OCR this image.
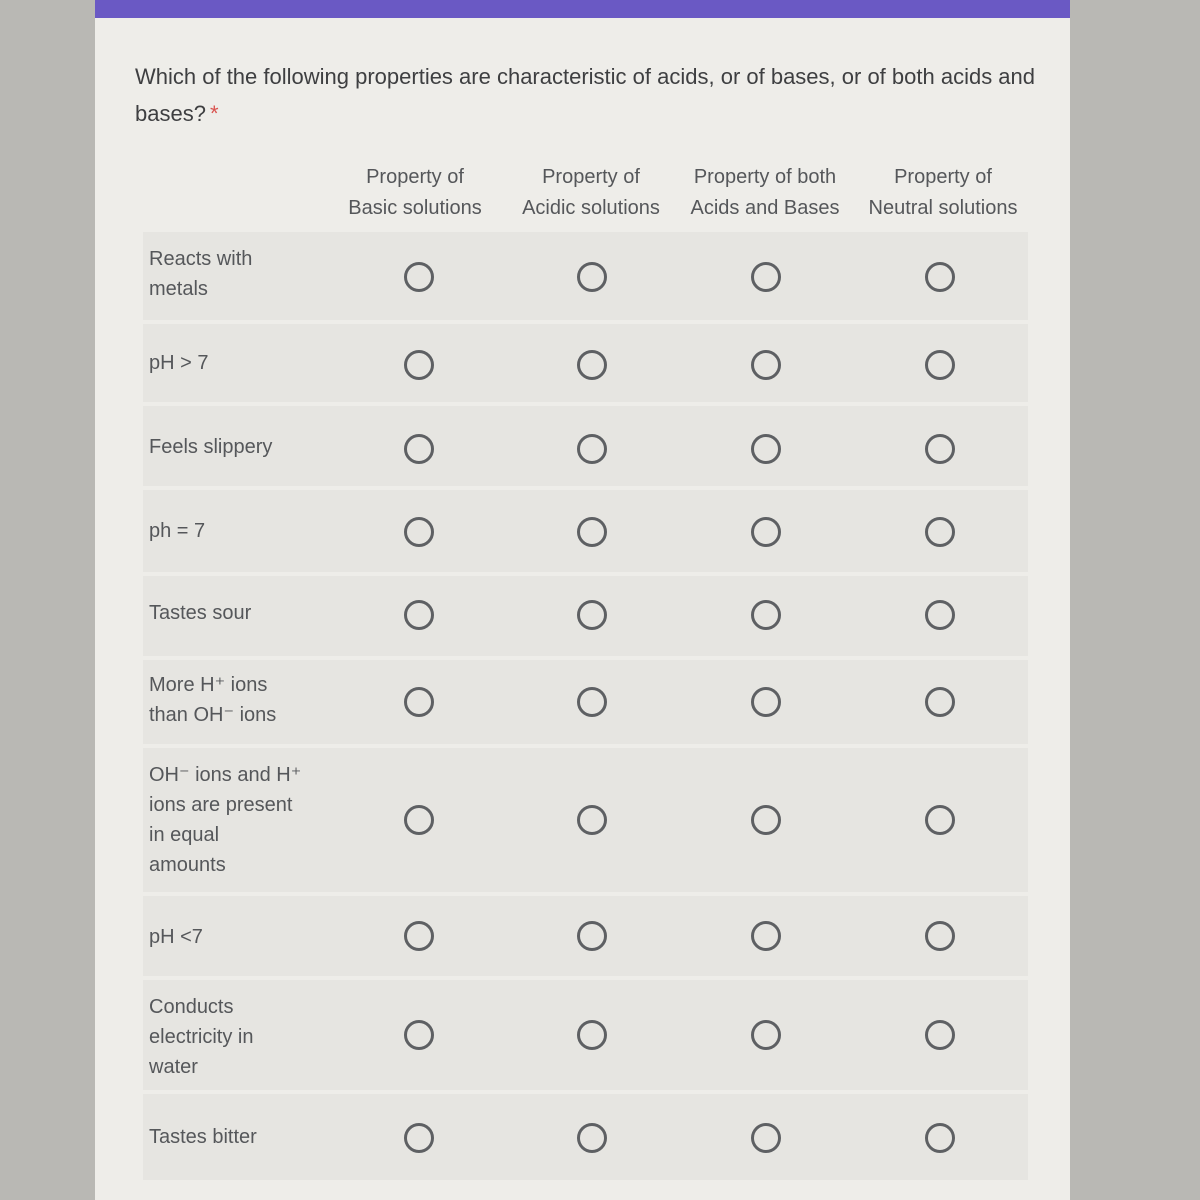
Which of the following properties are characteristic of acids, or of bases, or of both acids and bases? *
Property of
Basic solutions
Property of
Acidic solutions
Property of both
Acids and Bases
Property of
Neutral solutions
Reacts with
metals
pH > 7
Feels slippery
ph = 7
Tastes sour
More H⁺ ions
than OH⁻ ions
OH⁻ ions and H⁺
ions are present
in equal
amounts
pH <7
Conducts
electricity in
water
Tastes bitter
